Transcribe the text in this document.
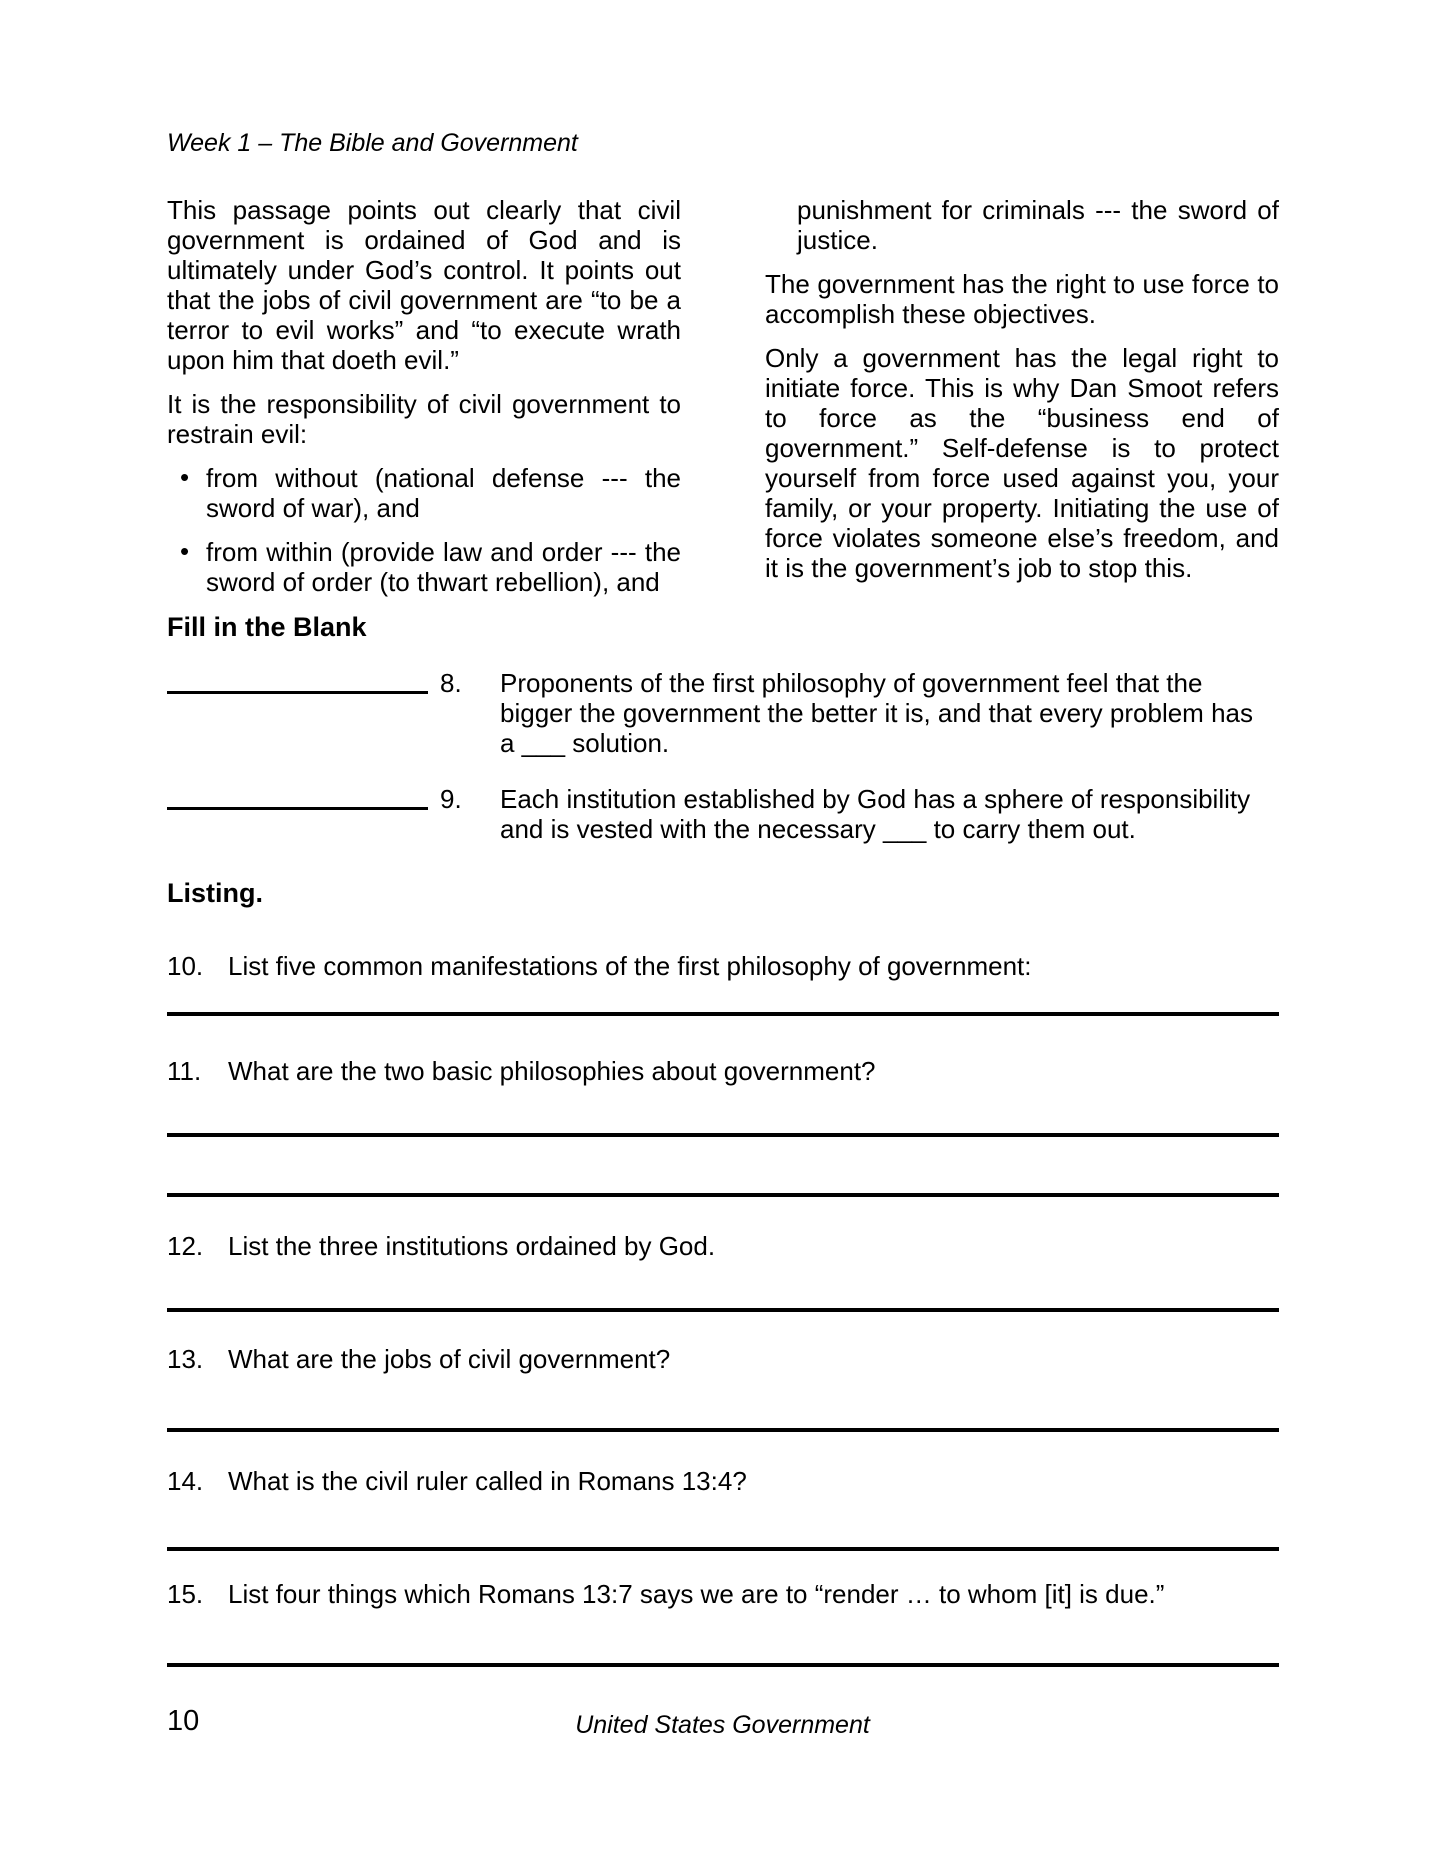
Week 1 – The Bible and Government

This passage points out clearly that civil government is ordained of God and is ultimately under God’s control. It points out that the jobs of civil government are “to be a terror to evil works” and “to execute wrath upon him that doeth evil.”

It is the responsibility of civil government to restrain evil:

• from without (national defense --- the sword of war), and
• from within (provide law and order --- the sword of order (to thwart rebellion), and

punishment for criminals --- the sword of justice.

The government has the right to use force to accomplish these objectives.

Only a government has the legal right to initiate force. This is why Dan Smoot refers to force as the “business end of government.” Self-defense is to protect yourself from force used against you, your family, or your property. Initiating the use of force violates someone else’s freedom, and it is the government’s job to stop this.

Fill in the Blank
8.	Proponents of the first philosophy of government feel that the bigger the government the better it is, and that every problem has a ___ solution.
9.	Each institution established by God has a sphere of responsibility and is vested with the necessary ___ to carry them out.
Listing.
10. List five common manifestations of the first philosophy of government:
11.	What are the two basic philosophies about government?
12. List the three institutions ordained by God.
13. What are the jobs of civil government?
14. What is the civil ruler called in Romans 13:4?
15. List four things which Romans 13:7 says we are to “render … to whom [it] is due.”
10	United States Government
